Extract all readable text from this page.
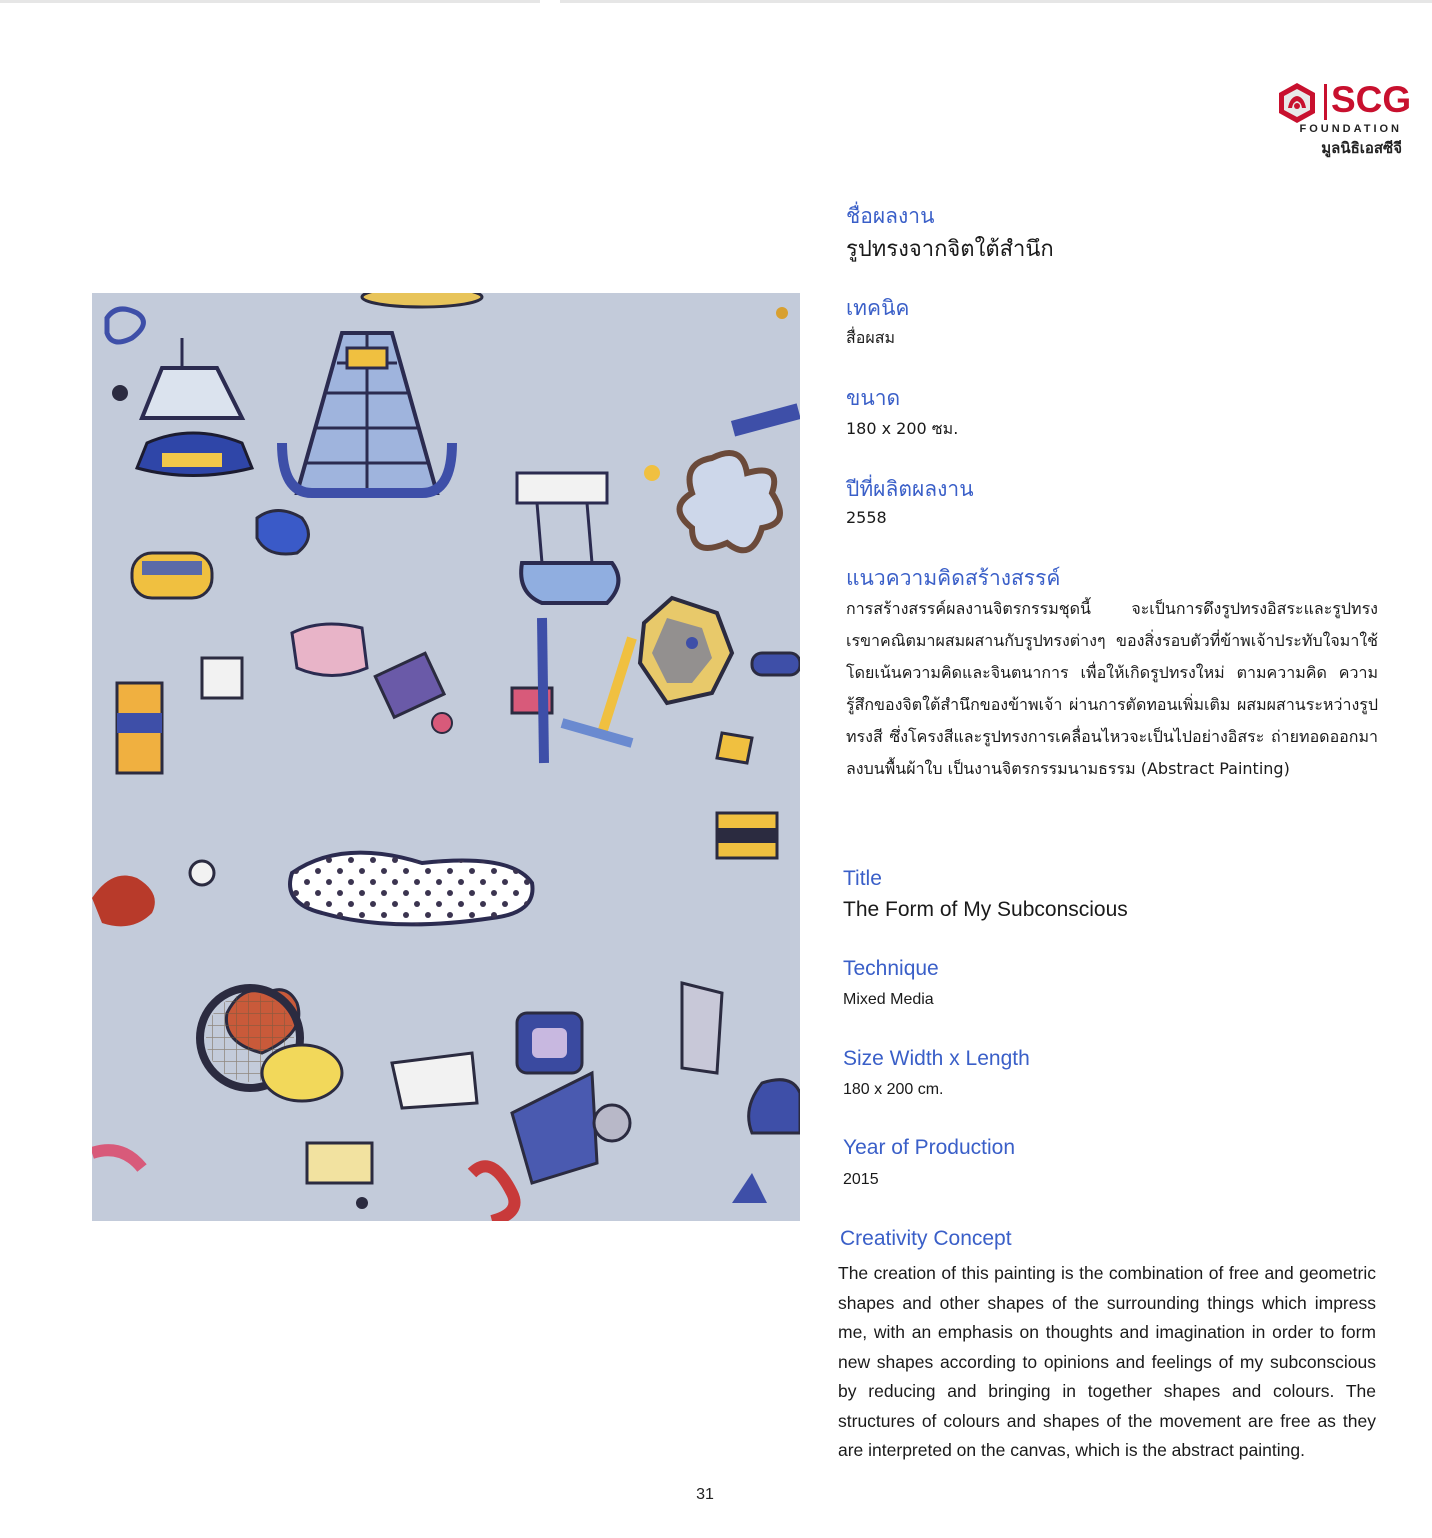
SCG
FOUNDATION
มูลนิธิเอสซีจี
ชื่อผลงาน
รูปทรงจากจิตใต้สำนึก
เทคนิค
สื่อผสม
ขนาด
180 x 200 ซม.
ปีที่ผลิตผลงาน
2558
แนวความคิดสร้างสรรค์
การสร้างสรรค์ผลงานจิตรกรรมชุดนี้ จะเป็นการดึงรูปทรงอิสระและรูปทรงเรขาคณิตมาผสมผสานกับรูปทรงต่างๆ ของสิ่งรอบตัวที่ข้าพเจ้าประทับใจมาใช้ โดยเน้นความคิดและจินตนาการ เพื่อให้เกิดรูปทรงใหม่ ตามความคิด ความรู้สึกของจิตใต้สำนึกของข้าพเจ้า ผ่านการตัดทอนเพิ่มเติม ผสมผสานระหว่างรูปทรงสี ซึ่งโครงสีและรูปทรงการเคลื่อนไหวจะเป็นไปอย่างอิสระ ถ่ายทอดออกมาลงบนพื้นผ้าใบ เป็นงานจิตรกรรมนามธรรม (Abstract Painting)
Title
The Form of My Subconscious
Technique
Mixed Media
Size Width x Length
180 x 200 cm.
Year of Production
2015
Creativity Concept
The creation of this painting is the combination of free and geometric shapes and other shapes of the surrounding things which impress me, with an emphasis on thoughts and imagination in order to form new shapes according to opinions and feelings of my subconscious by reducing and bringing in together shapes and colours. The structures of colours and shapes of the movement are free as they are interpreted on the canvas, which is the abstract painting.
31
